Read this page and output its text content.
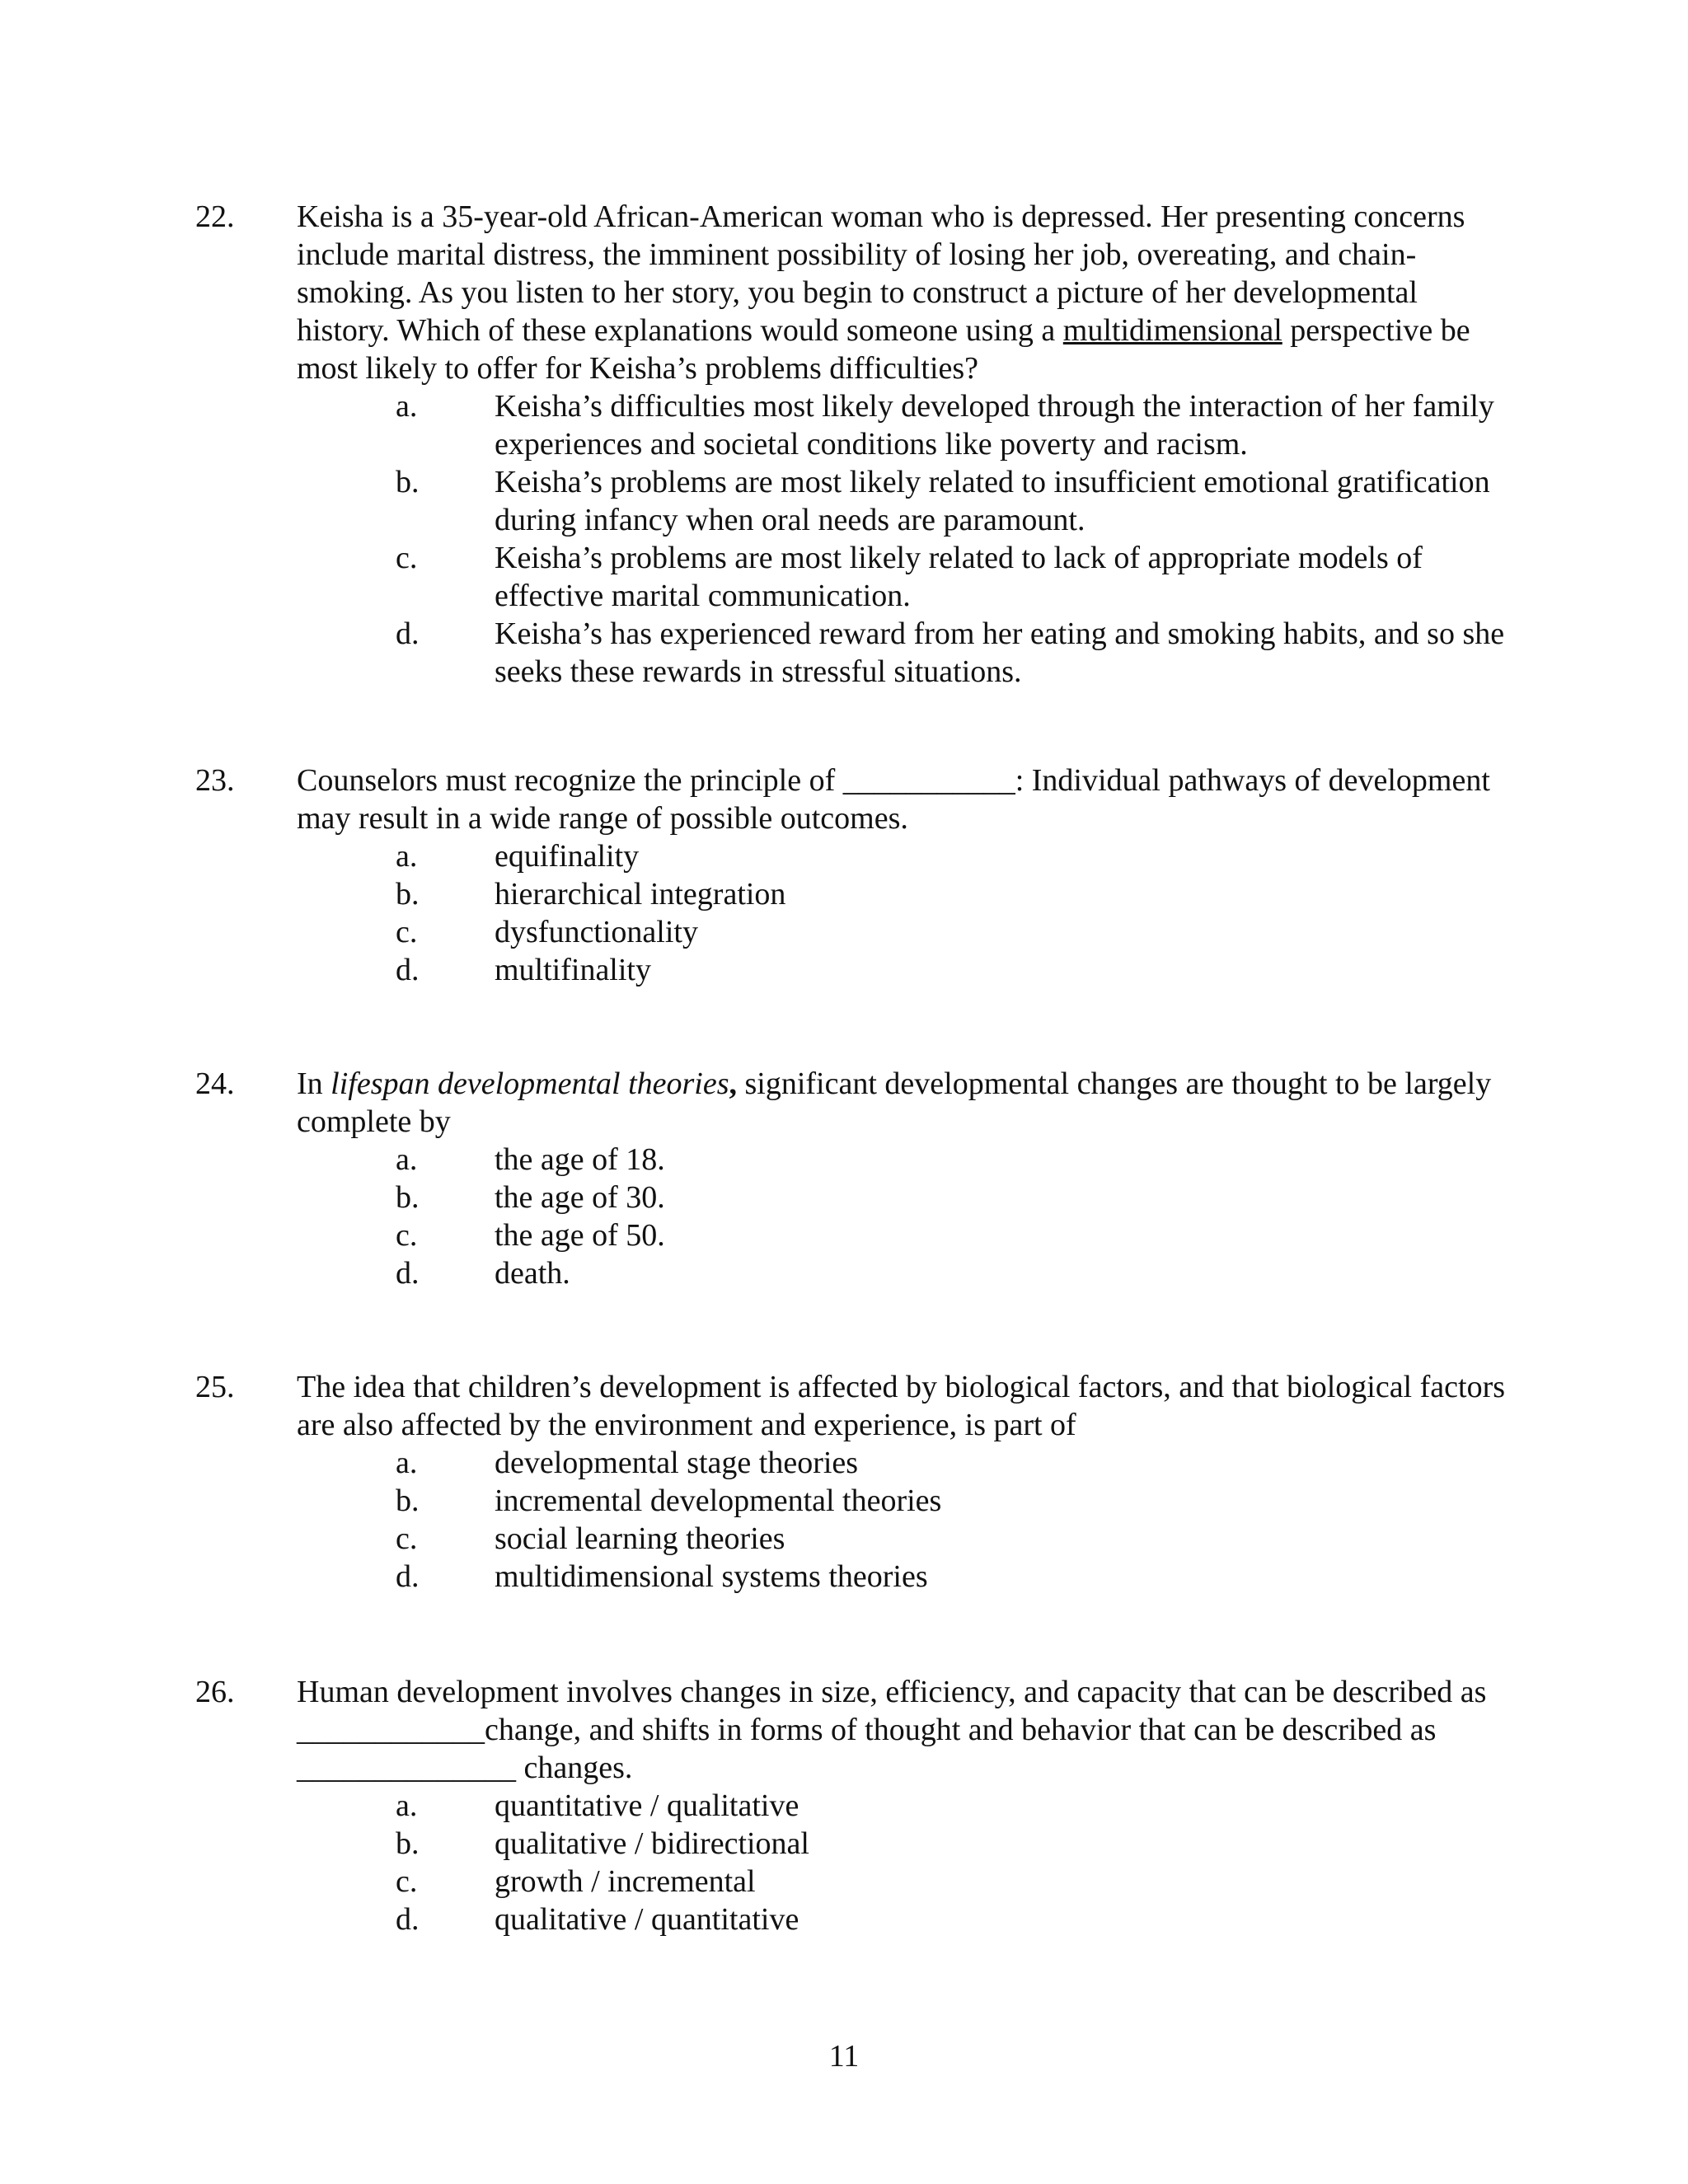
22. Keisha is a 35-year-old African-American woman who is depressed. Her presenting concerns include marital distress, the imminent possibility of losing her job, overeating, and chain-smoking. As you listen to her story, you begin to construct a picture of her developmental history. Which of these explanations would someone using a multidimensional perspective be most likely to offer for Keisha’s problems difficulties?
a. Keisha’s difficulties most likely developed through the interaction of her family experiences and societal conditions like poverty and racism.
b. Keisha’s problems are most likely related to insufficient emotional gratification during infancy when oral needs are paramount.
c. Keisha’s problems are most likely related to lack of appropriate models of effective marital communication.
d. Keisha’s has experienced reward from her eating and smoking habits, and so she seeks these rewards in stressful situations.
23. Counselors must recognize the principle of ___________: Individual pathways of development may result in a wide range of possible outcomes.
a. equifinality
b. hierarchical integration
c. dysfunctionality
d. multifinality
24. In lifespan developmental theories, significant developmental changes are thought to be largely complete by
a. the age of 18.
b. the age of 30.
c. the age of 50.
d. death.
25. The idea that children’s development is affected by biological factors, and that biological factors are also affected by the environment and experience, is part of
a. developmental stage theories
b. incremental developmental theories
c. social learning theories
d. multidimensional systems theories
26. Human development involves changes in size, efficiency, and capacity that can be described as ____________change, and shifts in forms of thought and behavior that can be described as ______________ changes.
a. quantitative / qualitative
b. qualitative / bidirectional
c. growth / incremental
d. qualitative / quantitative
11
